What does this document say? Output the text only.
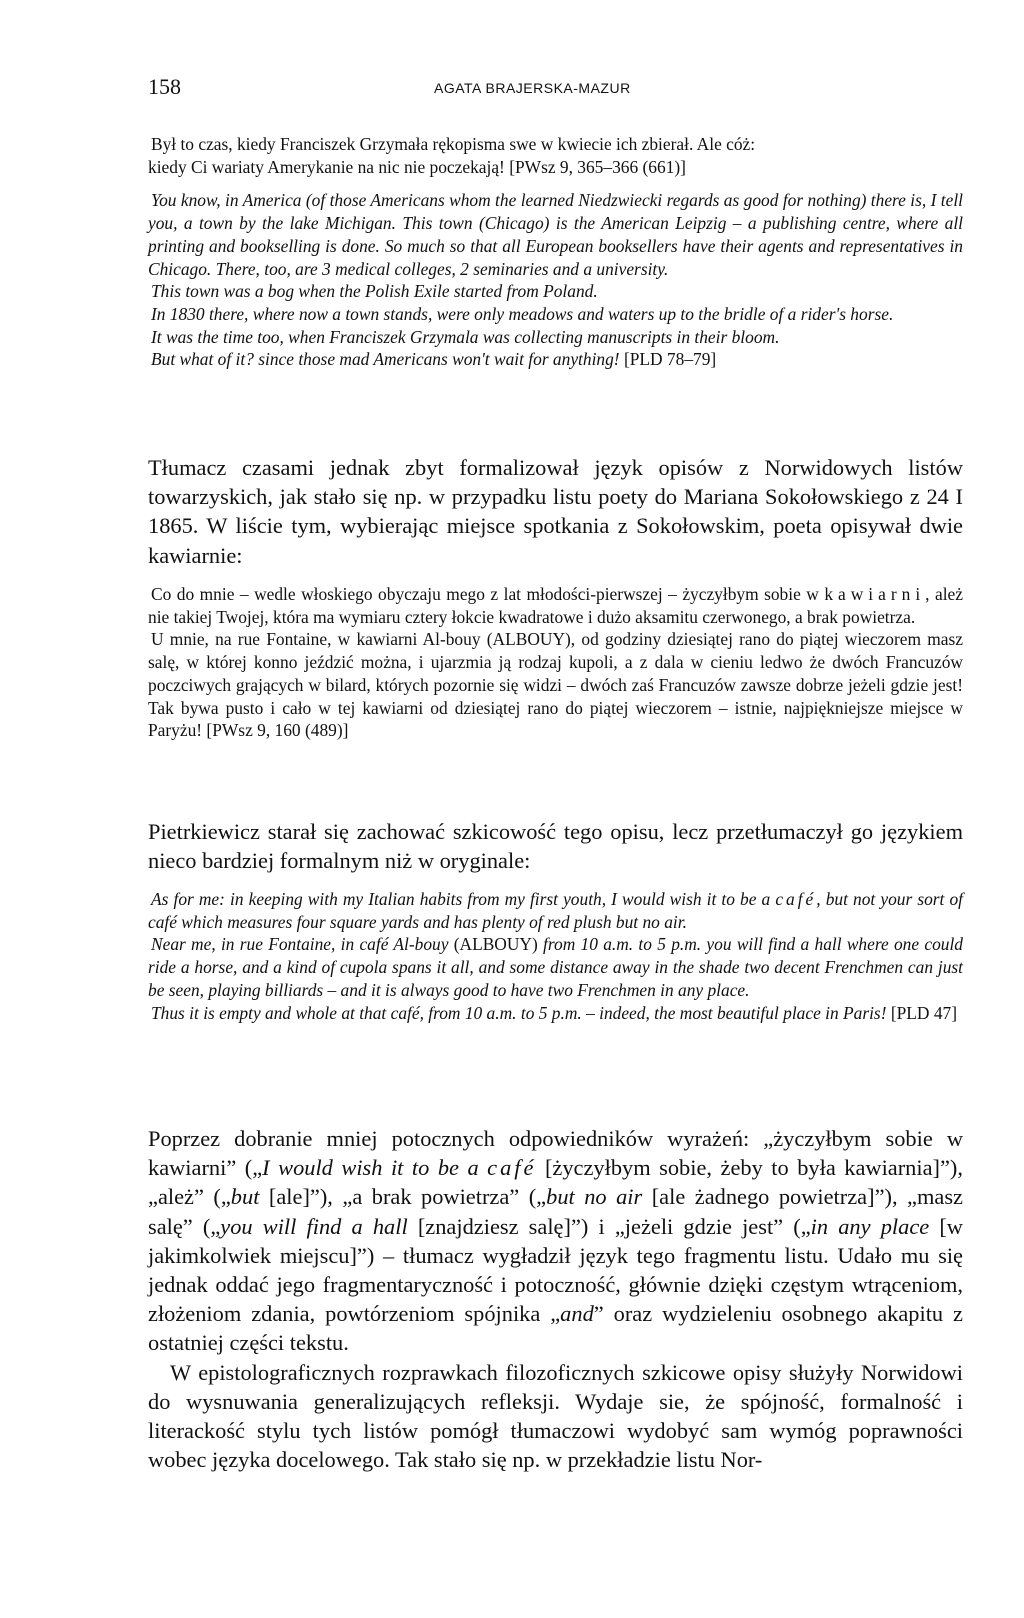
158	AGATA BRAJERSKA-MAZUR

Był to czas, kiedy Franciszek Grzymała rękopisma swe w kwiecie ich zbierał. Ale cóż:

kiedy Ci wariaty Amerykanie na nic nie poczekają! [PWsz 9, 365–366 (661)]

You know, in America (of those Americans whom the learned Niedzwiecki regards as good for nothing) there is, I tell you, a town by the lake Michigan. This town (Chicago) is the American Leipzig – a publishing centre, where all printing and bookselling is done. So much so that all European booksellers have their agents and representatives in Chicago. There, too, are 3 medical colleges, 2 seminaries and a university.

This town was a bog when the Polish Exile started from Poland.

In 1830 there, where now a town stands, were only meadows and waters up to the bridle of a rider's horse.

It was the time too, when Franciszek Grzymala was collecting manuscripts in their bloom.

But what of it? since those mad Americans won't wait for anything! [PLD 78–79]

Tłumacz czasami jednak zbyt formalizował język opisów z Norwidowych listów towarzyskich, jak stało się np. w przypadku listu poety do Mariana Sokołowskiego z 24 I 1865. W liście tym, wybierając miejsce spotkania z Sokołowskim, poeta opisywał dwie kawiarnie:

Co do mnie – wedle włoskiego obyczaju mego z lat młodości-pierwszej – życzyłbym sobie w kawiarni, ależ nie takiej Twojej, która ma wymiaru cztery łokcie kwadratowe i dużo aksamitu czerwonego, a brak powietrza.

U mnie, na rue Fontaine, w kawiarni Al-bouy (ALBOUY), od godziny dziesiątej rano do piątej wieczorem masz salę, w której konno jeździć można, i ujarzmia ją rodzaj kupoli, a z dala w cieniu ledwo że dwóch Francuzów poczciwych grających w bilard, których pozornie się widzi – dwóch zaś Francuzów zawsze dobrze jeżeli gdzie jest! Tak bywa pusto i cało w tej kawiarni od dziesiątej rano do piątej wieczorem – istnie, najpiękniejsze miejsce w Paryżu! [PWsz 9, 160 (489)]

Pietrkiewicz starał się zachować szkicowość tego opisu, lecz przetłumaczył go językiem nieco bardziej formalnym niż w oryginale:

As for me: in keeping with my Italian habits from my first youth, I would wish it to be a café, but not your sort of café which measures four square yards and has plenty of red plush but no air.

Near me, in rue Fontaine, in café Al-bouy (ALBOUY) from 10 a.m. to 5 p.m. you will find a hall where one could ride a horse, and a kind of cupola spans it all, and some distance away in the shade two decent Frenchmen can just be seen, playing billiards – and it is always good to have two Frenchmen in any place.

Thus it is empty and whole at that café, from 10 a.m. to 5 p.m. – indeed, the most beautiful place in Paris! [PLD 47]

Poprzez dobranie mniej potocznych odpowiedników wyrażeń: „życzyłbym sobie w kawiarni” („I would wish it to be a café [życzyłbym sobie, żeby to była kawiarnia]”), „ależ” („but [ale]”), „a brak powietrza” („but no air [ale żadnego powietrza]”), „masz salę” („you will find a hall [znajdziesz salę]”) i „jeżeli gdzie jest” („in any place [w jakimkolwiek miejscu]”) – tłumacz wygładził język tego fragmentu listu. Udało mu się jednak oddać jego fragmentaryczność i potoczność, głównie dzięki częstym wtrąceniom, złożeniom zdania, powtórzeniom spójnika „and” oraz wydzieleniu osobnego akapitu z ostatniej części tekstu.

W epistolograficznych rozprawkach filozoficznych szkicowe opisy służyły Norwidowi do wysnuwania generalizujących refleksji. Wydaje sie, że spójność, formalność i literackość stylu tych listów pomógł tłumaczowi wydobyć sam wymóg poprawności wobec języka docelowego. Tak stało się np. w przekładzie listu Nor-
